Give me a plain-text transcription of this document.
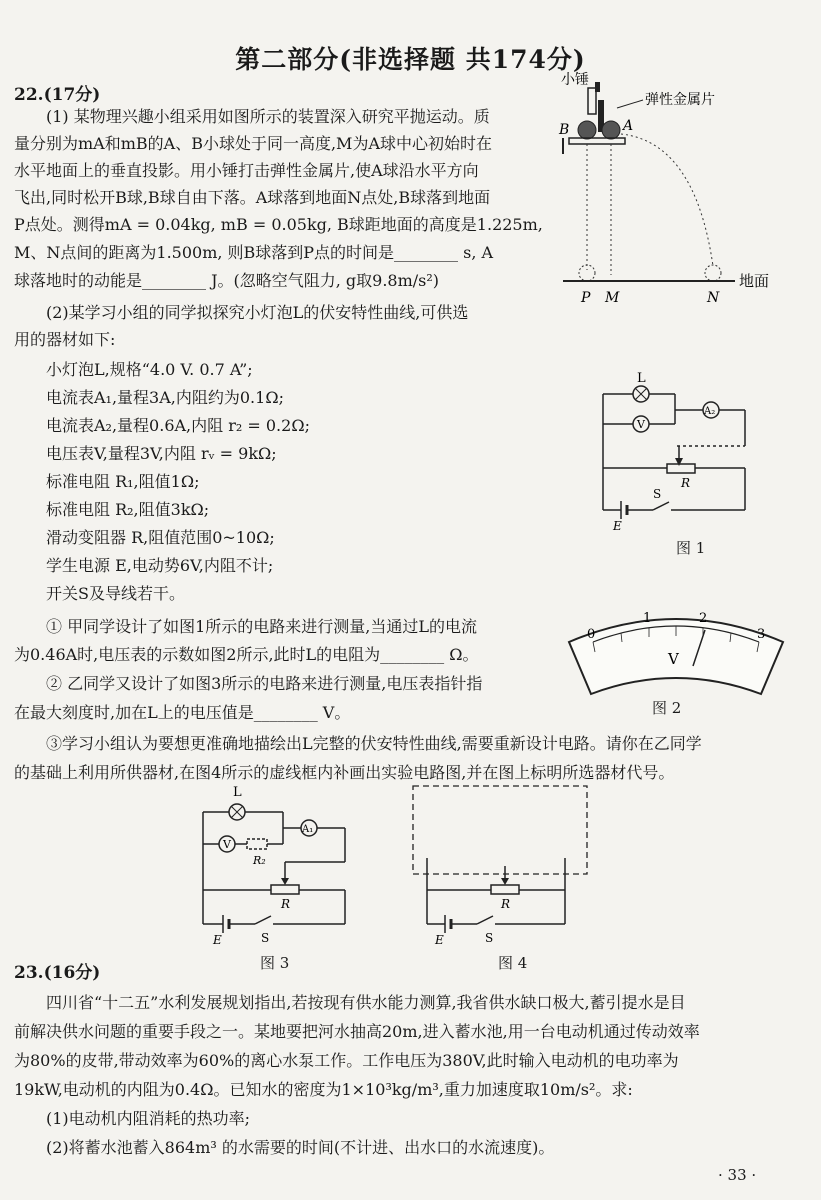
第二部分(非选择题 共174分)
22.(17分)
(1) 某物理兴趣小组采用如图所示的装置深入研究平抛运动。质
量分别为mA和mB的A、B小球处于同一高度,M为A球中心初始时在
水平地面上的垂直投影。用小锤打击弹性金属片,使A球沿水平方向
飞出,同时松开B球,B球自由下落。A球落到地面N点处,B球落到地面
P点处。测得mA = 0.04kg, mB = 0.05kg, B球距地面的高度是1.225m,
M、N点间的距离为1.500m, 则B球落到P点的时间是________ s, A
球落地时的动能是________ J。(忽略空气阻力, g取9.8m/s²)
(2)某学习小组的同学拟探究小灯泡L的伏安特性曲线,可供选
用的器材如下:
小灯泡L,规格“4.0 V. 0.7 A”;
电流表A₁,量程3A,内阻约为0.1Ω;
电流表A₂,量程0.6A,内阻 r₂ = 0.2Ω;
电压表V,量程3V,内阻 rᵥ = 9kΩ;
标准电阻 R₁,阻值1Ω;
标准电阻 R₂,阻值3kΩ;
滑动变阻器 R,阻值范围0~10Ω;
学生电源 E,电动势6V,内阻不计;
开关S及导线若干。
① 甲同学设计了如图1所示的电路来进行测量,当通过L的电流
为0.46A时,电压表的示数如图2所示,此时L的电阻为________ Ω。
② 乙同学又设计了如图3所示的电路来进行测量,电压表指针指
在最大刻度时,加在L上的电压值是________ V。
③学习小组认为要想更准确地描绘出L完整的伏安特性曲线,需要重新设计电路。请你在乙同学
的基础上利用所供器材,在图4所示的虚线框内补画出实验电路图,并在图上标明所选器材代号。
小锤
弹性金属片
B	A
P M	N
地面
L
V
A₂
R
S
E
图 1
0
1	2
3
V
图 2
L
V
R₂
A₁
R
S
E
图 3
R
S
E
图 4
23.(16分)
四川省“十二五”水利发展规划指出,若按现有供水能力测算,我省供水缺口极大,蓄引提水是目
前解决供水问题的重要手段之一。某地要把河水抽高20m,进入蓄水池,用一台电动机通过传动效率
为80%的皮带,带动效率为60%的离心水泵工作。工作电压为380V,此时输入电动机的电功率为
19kW,电动机的内阻为0.4Ω。已知水的密度为1×10³kg/m³,重力加速度取10m/s²。求:
(1)电动机内阻消耗的热功率;
(2)将蓄水池蓄入864m³ 的水需要的时间(不计进、出水口的水流速度)。
· 33 ·
